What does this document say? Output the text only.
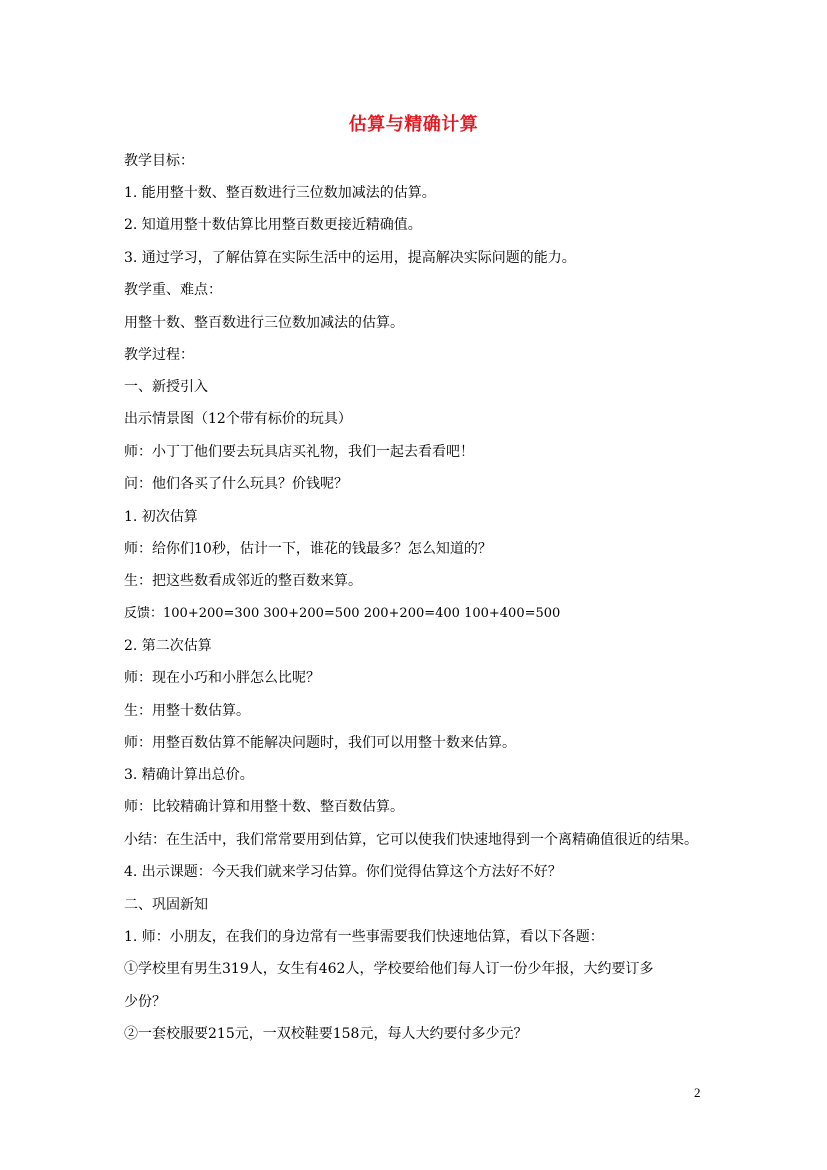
估算与精确计算
教学目标：
1. 能用整十数、整百数进行三位数加减法的估算。
2. 知道用整十数估算比用整百数更接近精确值。
3. 通过学习，了解估算在实际生活中的运用，提高解决实际问题的能力。
教学重、难点：
用整十数、整百数进行三位数加减法的估算。
教学过程：
一、新授引入
出示情景图（12个带有标价的玩具）
师：小丁丁他们要去玩具店买礼物，我们一起去看看吧！
问：他们各买了什么玩具？价钱呢？
1. 初次估算
师：给你们10秒，估计一下，谁花的钱最多？怎么知道的？
生：把这些数看成邻近的整百数来算。
反馈：100+200=300 300+200=500 200+200=400 100+400=500
2. 第二次估算
师：现在小巧和小胖怎么比呢？
生：用整十数估算。
师：用整百数估算不能解决问题时，我们可以用整十数来估算。
3. 精确计算出总价。
师：比较精确计算和用整十数、整百数估算。
小结：在生活中，我们常常要用到估算，它可以使我们快速地得到一个离精确值很近的结果。
4. 出示课题：今天我们就来学习估算。你们觉得估算这个方法好不好？
二、巩固新知
1. 师：小朋友，在我们的身边常有一些事需要我们快速地估算，看以下各题：
①学校里有男生319人，女生有462人，学校要给他们每人订一份少年报，大约要订多
少份？
②一套校服要215元，一双校鞋要158元，每人大约要付多少元？
2
